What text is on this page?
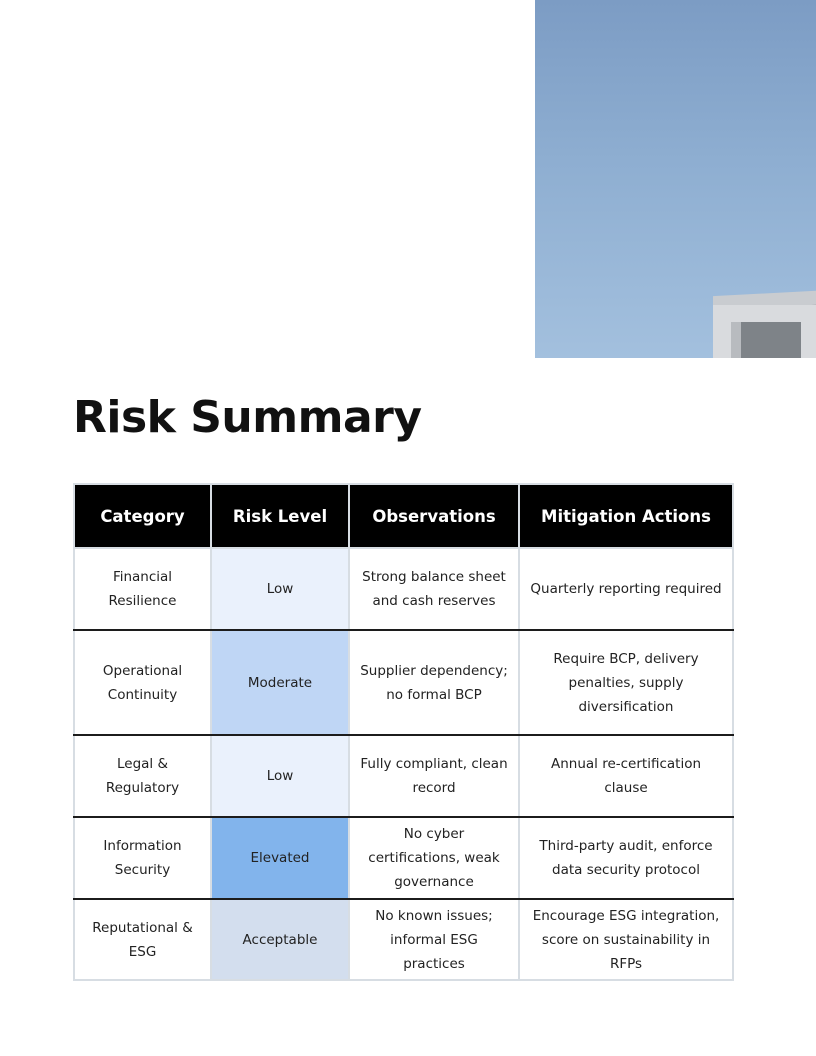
Risk Summary
Category	Risk Level	Observations	Mitigation Actions
Financial Resilience	Low	Strong balance sheet and cash reserves	Quarterly reporting required
Operational Continuity	Moderate	Supplier dependency; no formal BCP	Require BCP, delivery penalties, supply diversification
Legal & Regulatory	Low	Fully compliant, clean record	Annual re-certification clause
Information Security	Elevated	No cyber certifications, weak governance	Third-party audit, enforce data security protocol
Reputational & ESG	Acceptable	No known issues; informal ESG practices	Encourage ESG integration, score on sustainability in RFPs
